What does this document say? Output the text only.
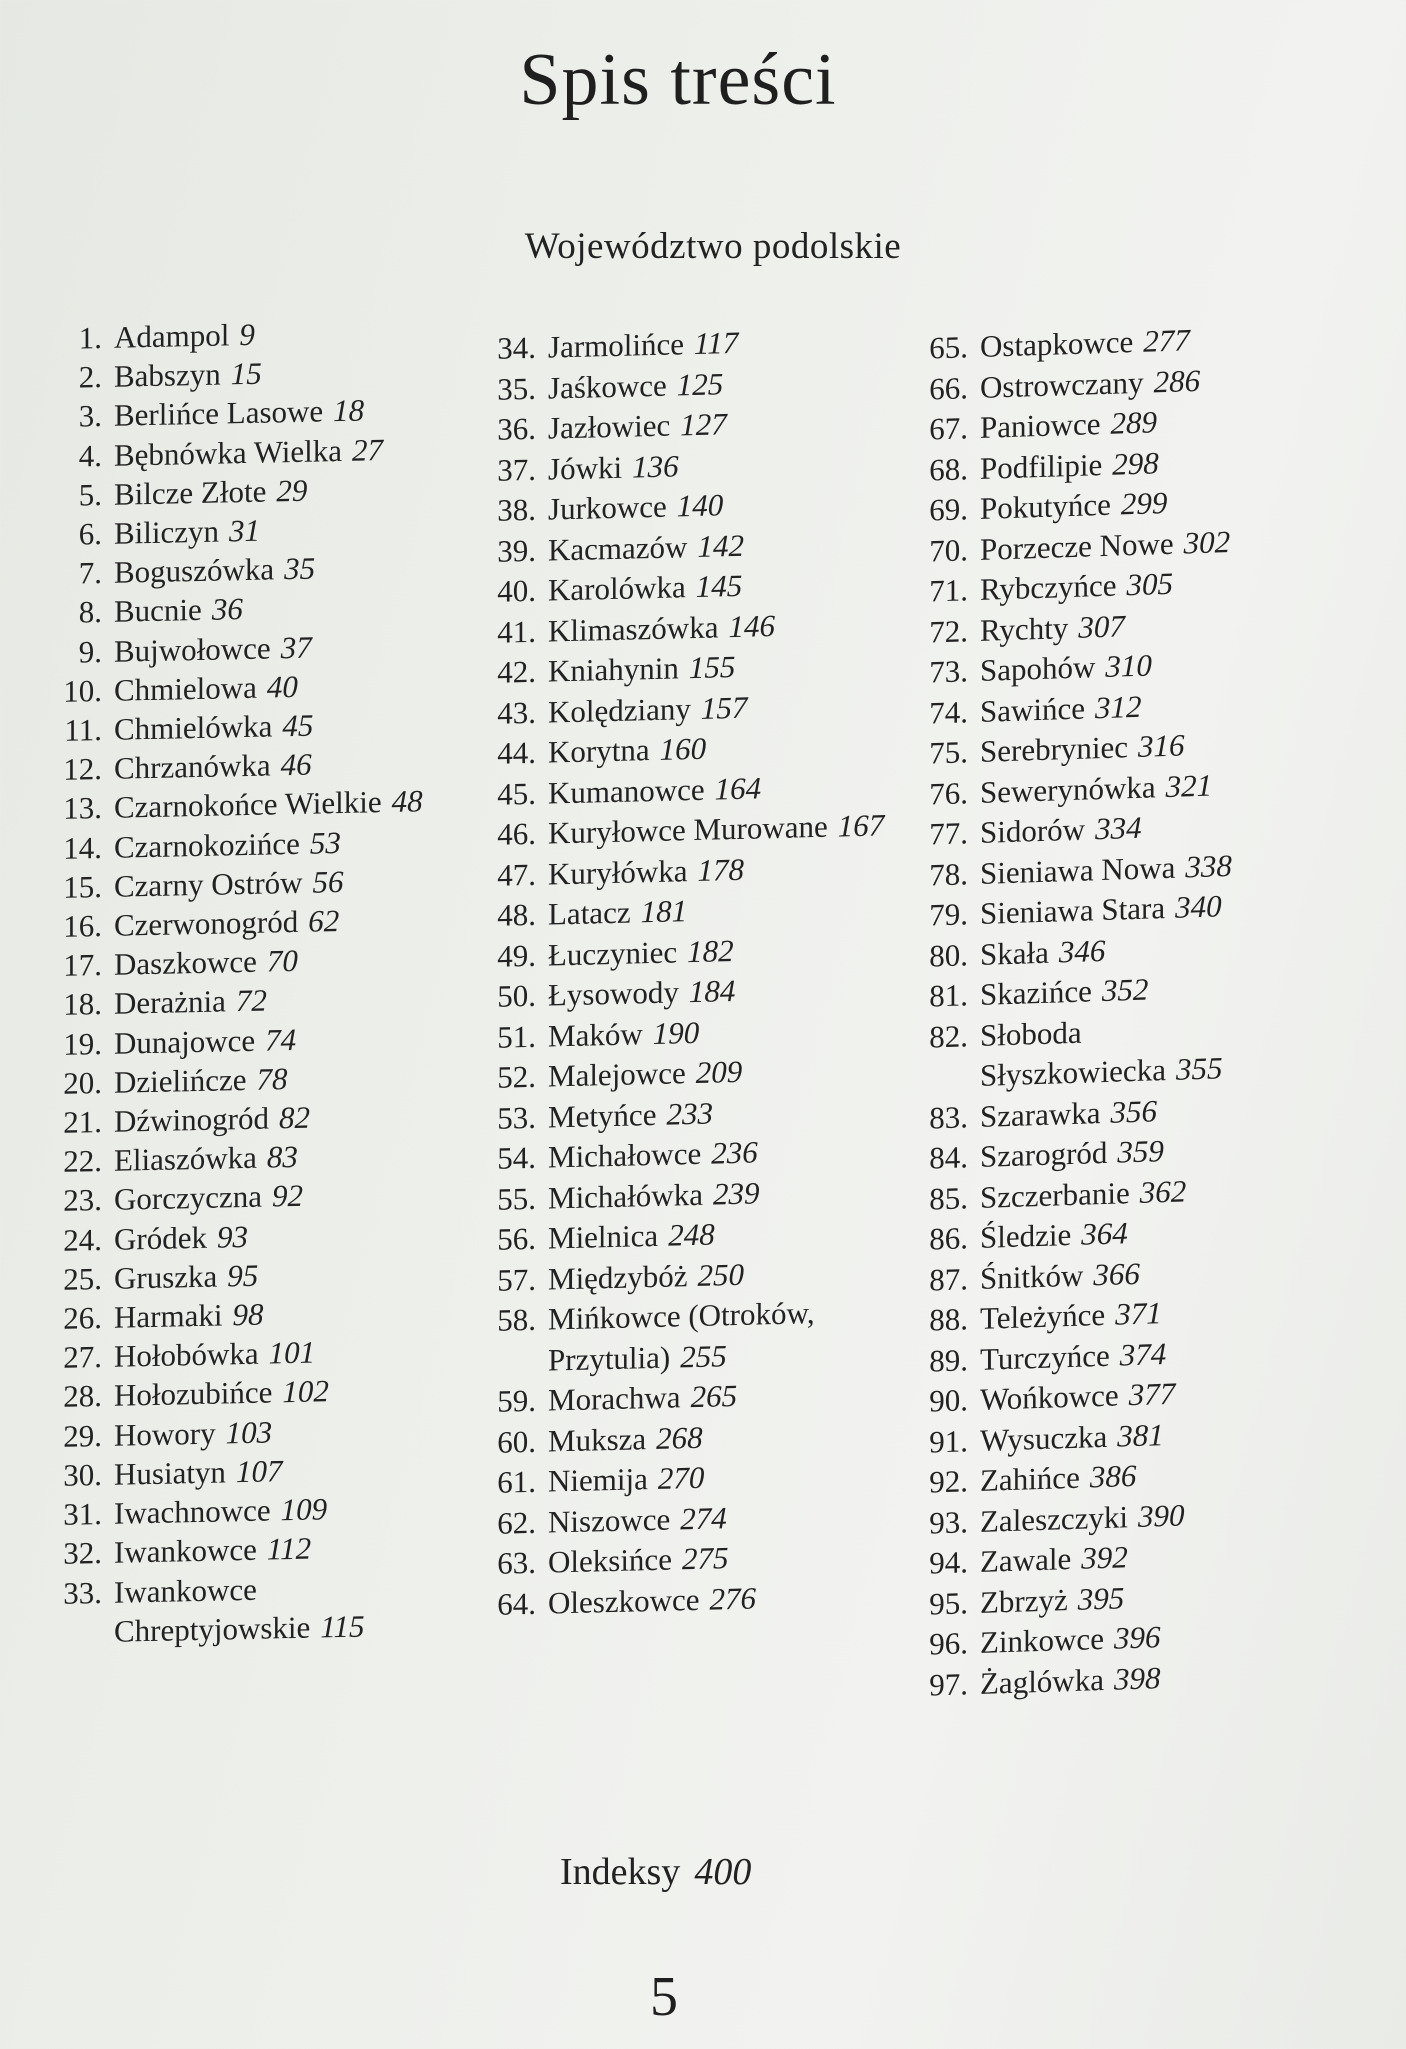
Spis treści
Województwo podolskie
1. Adampol 9
2. Babszyn 15
3. Berlińce Lasowe 18
4. Bębnówka Wielka 27
5. Bilcze Złote 29
6. Biliczyn 31
7. Boguszówka 35
8. Bucnie 36
9. Bujwołowce 37
10. Chmielowa 40
11. Chmielówka 45
12. Chrzanówka 46
13. Czarnokońce Wielkie 48
14. Czarnokozińce 53
15. Czarny Ostrów 56
16. Czerwonogród 62
17. Daszkowce 70
18. Derażnia 72
19. Dunajowce 74
20. Dzielińcze 78
21. Dźwinogród 82
22. Eliaszówka 83
23. Gorczyczna 92
24. Gródek 93
25. Gruszka 95
26. Harmaki 98
27. Hołobówka 101
28. Hołozubińce 102
29. Howory 103
30. Husiatyn 107
31. Iwachnowce 109
32. Iwankowce 112
33. Iwankowce Chreptyjowskie 115
34. Jarmolińce 117
35. Jaśkowce 125
36. Jazłowiec 127
37. Jówki 136
38. Jurkowce 140
39. Kacmazów 142
40. Karolówka 145
41. Klimaszówka 146
42. Kniahynin 155
43. Kolędziany 157
44. Korytna 160
45. Kumanowce 164
46. Kuryłowce Murowane 167
47. Kuryłówka 178
48. Latacz 181
49. Łuczyniec 182
50. Łysowody 184
51. Maków 190
52. Malejowce 209
53. Metyńce 233
54. Michałowce 236
55. Michałówka 239
56. Mielnica 248
57. Międzybóż 250
58. Mińkowce (Otroków, Przytulia) 255
59. Morachwa 265
60. Muksza 268
61. Niemija 270
62. Niszowce 274
63. Oleksińce 275
64. Oleszkowce 276
65. Ostapkowce 277
66. Ostrowczany 286
67. Paniowce 289
68. Podfilipie 298
69. Pokutyńce 299
70. Porzecze Nowe 302
71. Rybczyńce 305
72. Rychty 307
73. Sapohów 310
74. Sawińce 312
75. Serebryniec 316
76. Sewerynówka 321
77. Sidorów 334
78. Sieniawa Nowa 338
79. Sieniawa Stara 340
80. Skała 346
81. Skazińce 352
82. Słoboda Słyszkowiecka 355
83. Szarawka 356
84. Szarogród 359
85. Szczerbanie 362
86. Śledzie 364
87. Śnitków 366
88. Teleżyńce 371
89. Turczyńce 374
90. Wońkowce 377
91. Wysuczka 381
92. Zahińce 386
93. Zaleszczyki 390
94. Zawale 392
95. Zbrzyż 395
96. Zinkowce 396
97. Żaglówka 398
Indeksy 400
5
